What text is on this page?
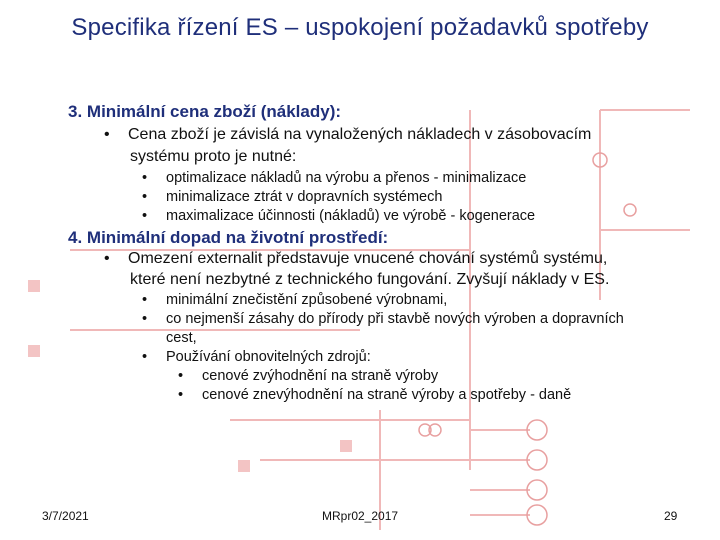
Specifika řízení ES – uspokojení požadavků spotřeby
3. Minimální cena zboží (náklady):
• Cena zboží je závislá na vynaložených nákladech v zásobovacím
systému proto je nutné:
• optimalizace nákladů na výrobu a přenos - minimalizace
• minimalizace ztrát v dopravních systémech
• maximalizace účinnosti (nákladů) ve výrobě - kogenerace
4. Minimální dopad na životní prostředí:
• Omezení externalit představuje vnucené chování systémů systému,
které není nezbytné z technického fungování. Zvyšují náklady v ES.
• minimální znečistění způsobené výrobnami,
• co nejmenší zásahy do přírody při stavbě nových výroben a dopravních
cest,
• Používání obnovitelných zdrojů:
• cenové zvýhodnění na straně výroby
• cenové znevýhodnění na straně výroby a spotřeby - daně
3/7/2021	MRpr02_2017	29
